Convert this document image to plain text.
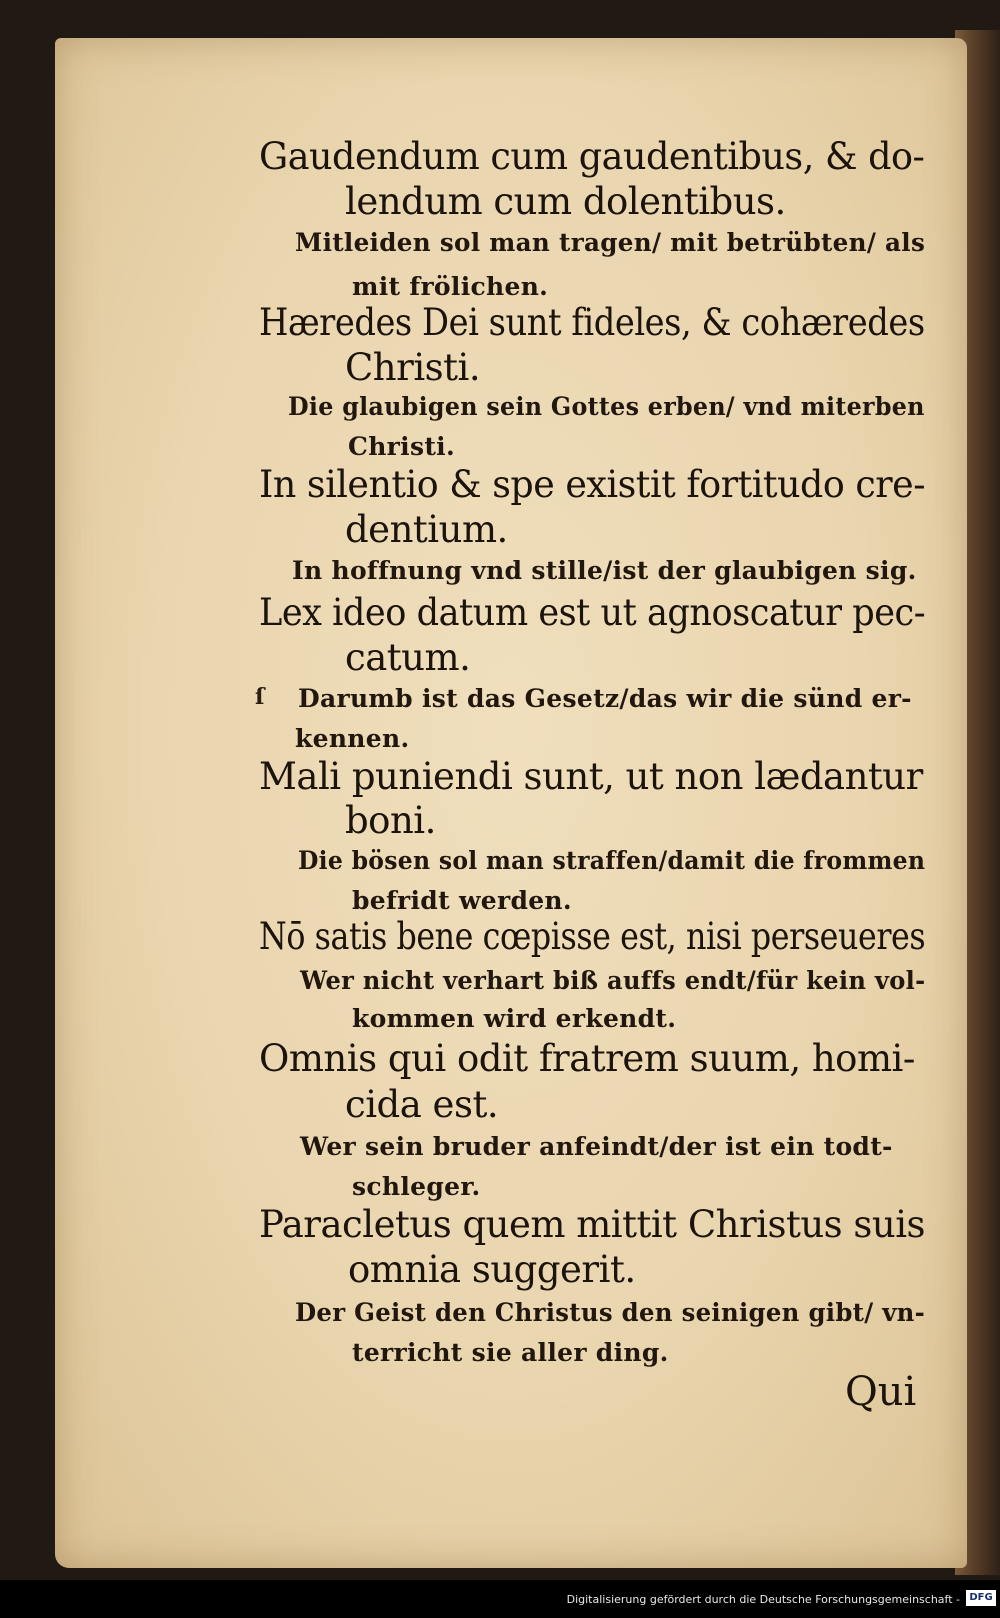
Gaudendum cum gaudentibus, & do-
lendum cum dolentibus.
Mitleiden sol man tragen/ mit betrübten/ als
mit frölichen.
Hæredes Dei sunt fideles, & cohæredes
Christi.
Die glaubigen sein Gottes erben/ vnd miterben
Christi.
In silentio & spe existit fortitudo cre-
dentium.
In hoffnung vnd stille/ist der glaubigen sig.
Lex ideo datum est ut agnoscatur pec-
catum.
ſ Darumb ist das Gesetz/das wir die sünd er-
kennen.
Mali puniendi sunt, ut non lædantur
boni.
Die bösen sol man straffen/damit die frommen
befridt werden.
Nō satis bene cœpisse est, nisi perseueres
Wer nicht verhart biß auffs endt/für kein vol-
kommen wird erkendt.
Omnis qui odit fratrem suum, homi-
cida est.
Wer sein bruder anfeindt/der ist ein todt-
schleger.
Paracletus quem mittit Christus suis
omnia suggerit.
Der Geist den Christus den seinigen gibt/ vn-
terricht sie aller ding.
Qui
Digitalisierung gefördert durch die Deutsche Forschungsgemeinschaft - DFG
